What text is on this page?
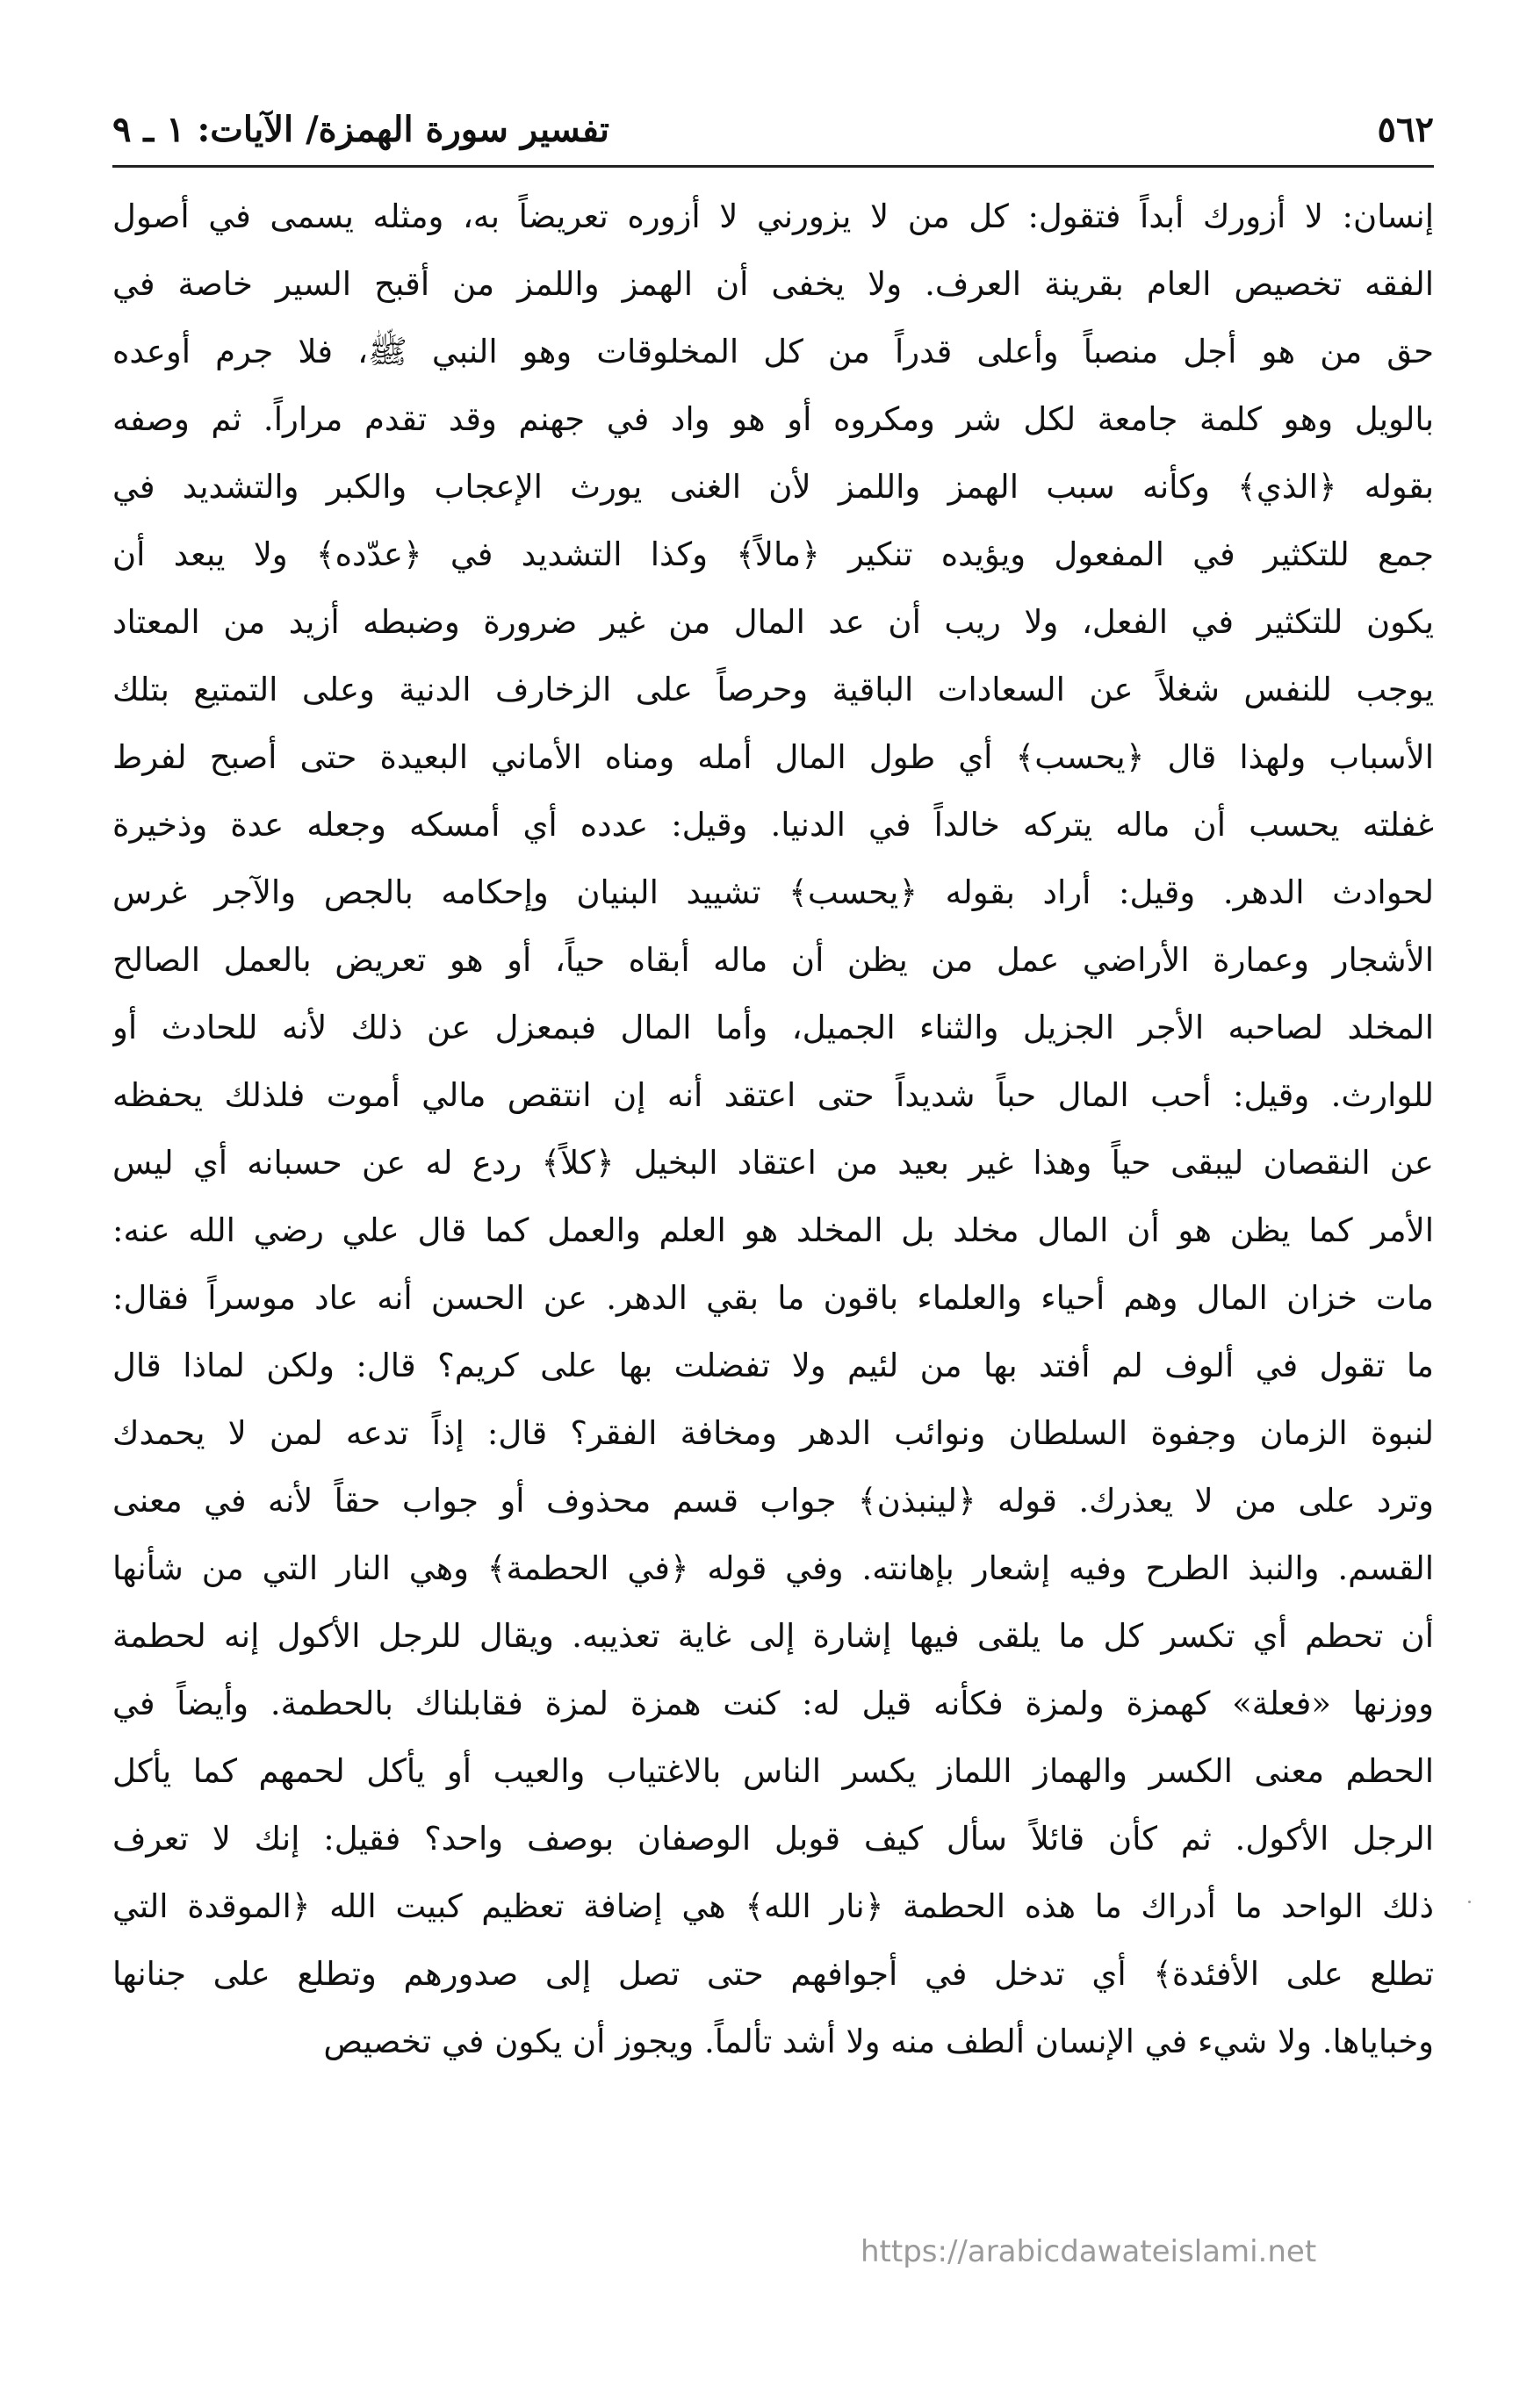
تفسير سورة الهمزة/ الآيات: ١ ـ ٩	٥٦٢
إنسان: لا أزورك أبداً فتقول: كل من لا يزورني لا أزوره تعريضاً به، ومثله يسمى في أصول
الفقه تخصيص العام بقرينة العرف. ولا يخفى أن الهمز واللمز من أقبح السير خاصة في
حق من هو أجل منصباً وأعلى قدراً من كل المخلوقات وهو النبي ﷺ، فلا جرم أوعده
بالويل وهو كلمة جامعة لكل شر ومكروه أو هو واد في جهنم وقد تقدم مراراً. ثم وصفه
بقوله ﴿الذي﴾ وكأنه سبب الهمز واللمز لأن الغنى يورث الإعجاب والكبر والتشديد في
جمع للتكثير في المفعول ويؤيده تنكير ﴿مالاً﴾ وكذا التشديد في ﴿عدّده﴾ ولا يبعد أن
يكون للتكثير في الفعل، ولا ريب أن عد المال من غير ضرورة وضبطه أزيد من المعتاد
يوجب للنفس شغلاً عن السعادات الباقية وحرصاً على الزخارف الدنية وعلى التمتيع بتلك
الأسباب ولهذا قال ﴿يحسب﴾ أي طول المال أمله ومناه الأماني البعيدة حتى أصبح لفرط
غفلته يحسب أن ماله يتركه خالداً في الدنيا. وقيل: عدده أي أمسكه وجعله عدة وذخيرة
لحوادث الدهر. وقيل: أراد بقوله ﴿يحسب﴾ تشييد البنيان وإحكامه بالجص والآجر غرس
الأشجار وعمارة الأراضي عمل من يظن أن ماله أبقاه حياً، أو هو تعريض بالعمل الصالح
المخلد لصاحبه الأجر الجزيل والثناء الجميل، وأما المال فبمعزل عن ذلك لأنه للحادث أو
للوارث. وقيل: أحب المال حباً شديداً حتى اعتقد أنه إن انتقص مالي أموت فلذلك يحفظه
عن النقصان ليبقى حياً وهذا غير بعيد من اعتقاد البخيل ﴿كلاً﴾ ردع له عن حسبانه أي ليس
الأمر كما يظن هو أن المال مخلد بل المخلد هو العلم والعمل كما قال علي رضي الله عنه:
مات خزان المال وهم أحياء والعلماء باقون ما بقي الدهر. عن الحسن أنه عاد موسراً فقال:
ما تقول في ألوف لم أفتد بها من لئيم ولا تفضلت بها على كريم؟ قال: ولكن لماذا قال
لنبوة الزمان وجفوة السلطان ونوائب الدهر ومخافة الفقر؟ قال: إذاً تدعه لمن لا يحمدك
وترد على من لا يعذرك. قوله ﴿لينبذن﴾ جواب قسم محذوف أو جواب حقاً لأنه في معنى
القسم. والنبذ الطرح وفيه إشعار بإهانته. وفي قوله ﴿في الحطمة﴾ وهي النار التي من شأنها
أن تحطم أي تكسر كل ما يلقى فيها إشارة إلى غاية تعذيبه. ويقال للرجل الأكول إنه لحطمة
ووزنها «فعلة» كهمزة ولمزة فكأنه قيل له: كنت همزة لمزة فقابلناك بالحطمة. وأيضاً في
الحطم معنى الكسر والهماز اللماز يكسر الناس بالاغتياب والعيب أو يأكل لحمهم كما يأكل
الرجل الأكول. ثم كأن قائلاً سأل كيف قوبل الوصفان بوصف واحد؟ فقيل: إنك لا تعرف
ذلك الواحد ما أدراك ما هذه الحطمة ﴿نار الله﴾ هي إضافة تعظيم كبيت الله ﴿الموقدة التي
تطلع على الأفئدة﴾ أي تدخل في أجوافهم حتى تصل إلى صدورهم وتطلع على جنانها
وخباياها. ولا شيء في الإنسان ألطف منه ولا أشد تألماً. ويجوز أن يكون في تخصيص
https://arabicdawateislami.net
